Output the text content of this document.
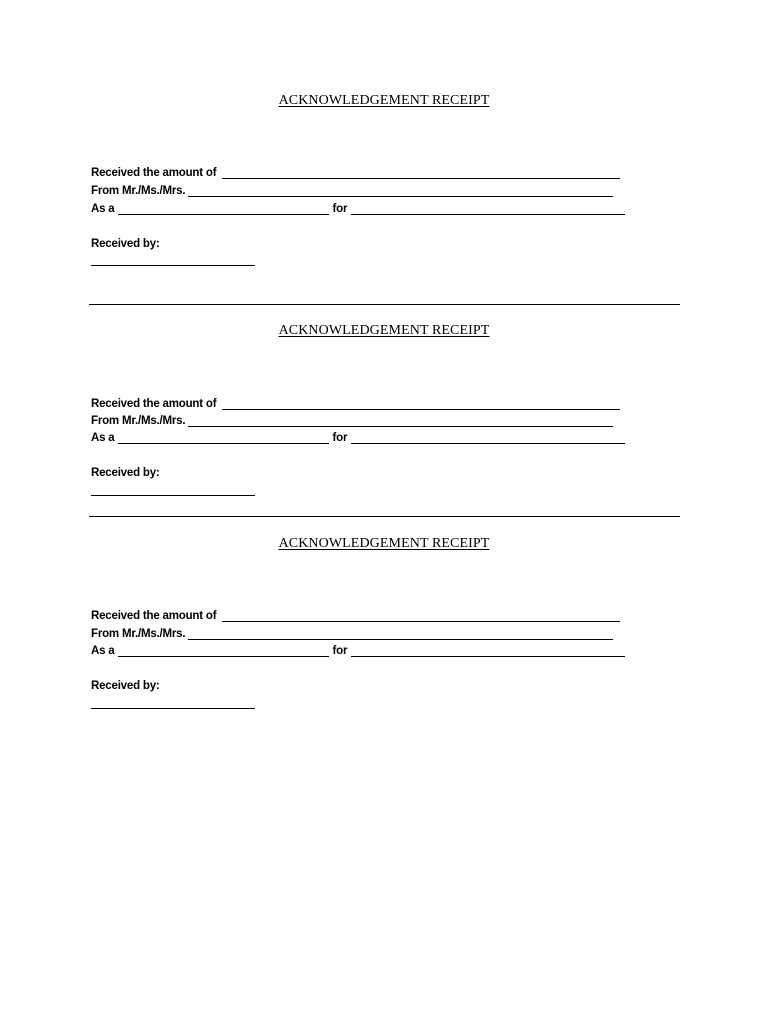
ACKNOWLEDGEMENT RECEIPT
Received the amount of
From Mr./Ms./Mrs.
As a	for
Received by:
ACKNOWLEDGEMENT RECEIPT
Received the amount of
From Mr./Ms./Mrs.
As a	for
Received by:
ACKNOWLEDGEMENT RECEIPT
Received the amount of
From Mr./Ms./Mrs.
As a	for
Received by:
